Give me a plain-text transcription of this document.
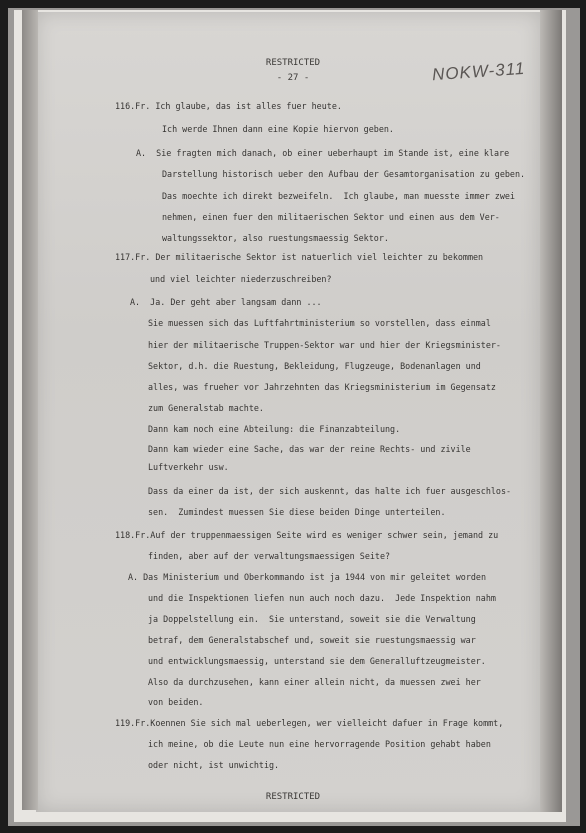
RESTRICTED
- 27 -	NOKW-311

116.Fr. Ich glaube, das ist alles fuer heute.

Ich werde Ihnen dann eine Kopie hiervon geben.

A.  Sie fragten mich danach, ob einer ueberhaupt im Stande ist, eine klare

Darstellung historisch ueber den Aufbau der Gesamtorganisation zu geben.

Das moechte ich direkt bezweifeln.  Ich glaube, man muesste immer zwei

nehmen, einen fuer den militaerischen Sektor und einen aus dem Ver-

waltungssektor, also ruestungsmaessig Sektor.

117.Fr. Der militaerische Sektor ist natuerlich viel leichter zu bekommen

und viel leichter niederzuschreiben?

A.  Ja. Der geht aber langsam dann ...

Sie muessen sich das Luftfahrtministerium so vorstellen, dass einmal

hier der militaerische Truppen-Sektor war und hier der Kriegsminister-

Sektor, d.h. die Ruestung, Bekleidung, Flugzeuge, Bodenanlagen und

alles, was frueher vor Jahrzehnten das Kriegsministerium im Gegensatz

zum Generalstab machte.

Dann kam noch eine Abteilung: die Finanzabteilung.

Dann kam wieder eine Sache, das war der reine Rechts- und zivile

Luftverkehr usw.

Dass da einer da ist, der sich auskennt, das halte ich fuer ausgeschlos-

sen.  Zumindest muessen Sie diese beiden Dinge unterteilen.

118.Fr.Auf der truppenmaessigen Seite wird es weniger schwer sein, jemand zu

finden, aber auf der verwaltungsmaessigen Seite?

A. Das Ministerium und Oberkommando ist ja 1944 von mir geleitet worden

und die Inspektionen liefen nun auch noch dazu.  Jede Inspektion nahm

ja Doppelstellung ein.  Sie unterstand, soweit sie die Verwaltung

betraf, dem Generalstabschef und, soweit sie ruestungsmaessig war

und entwicklungsmaessig, unterstand sie dem Generalluftzeugmeister.

Also da durchzusehen, kann einer allein nicht, da muessen zwei her

von beiden.

119.Fr.Koennen Sie sich mal ueberlegen, wer vielleicht dafuer in Frage kommt,

ich meine, ob die Leute nun eine hervorragende Position gehabt haben

oder nicht, ist unwichtig.

RESTRICTED
